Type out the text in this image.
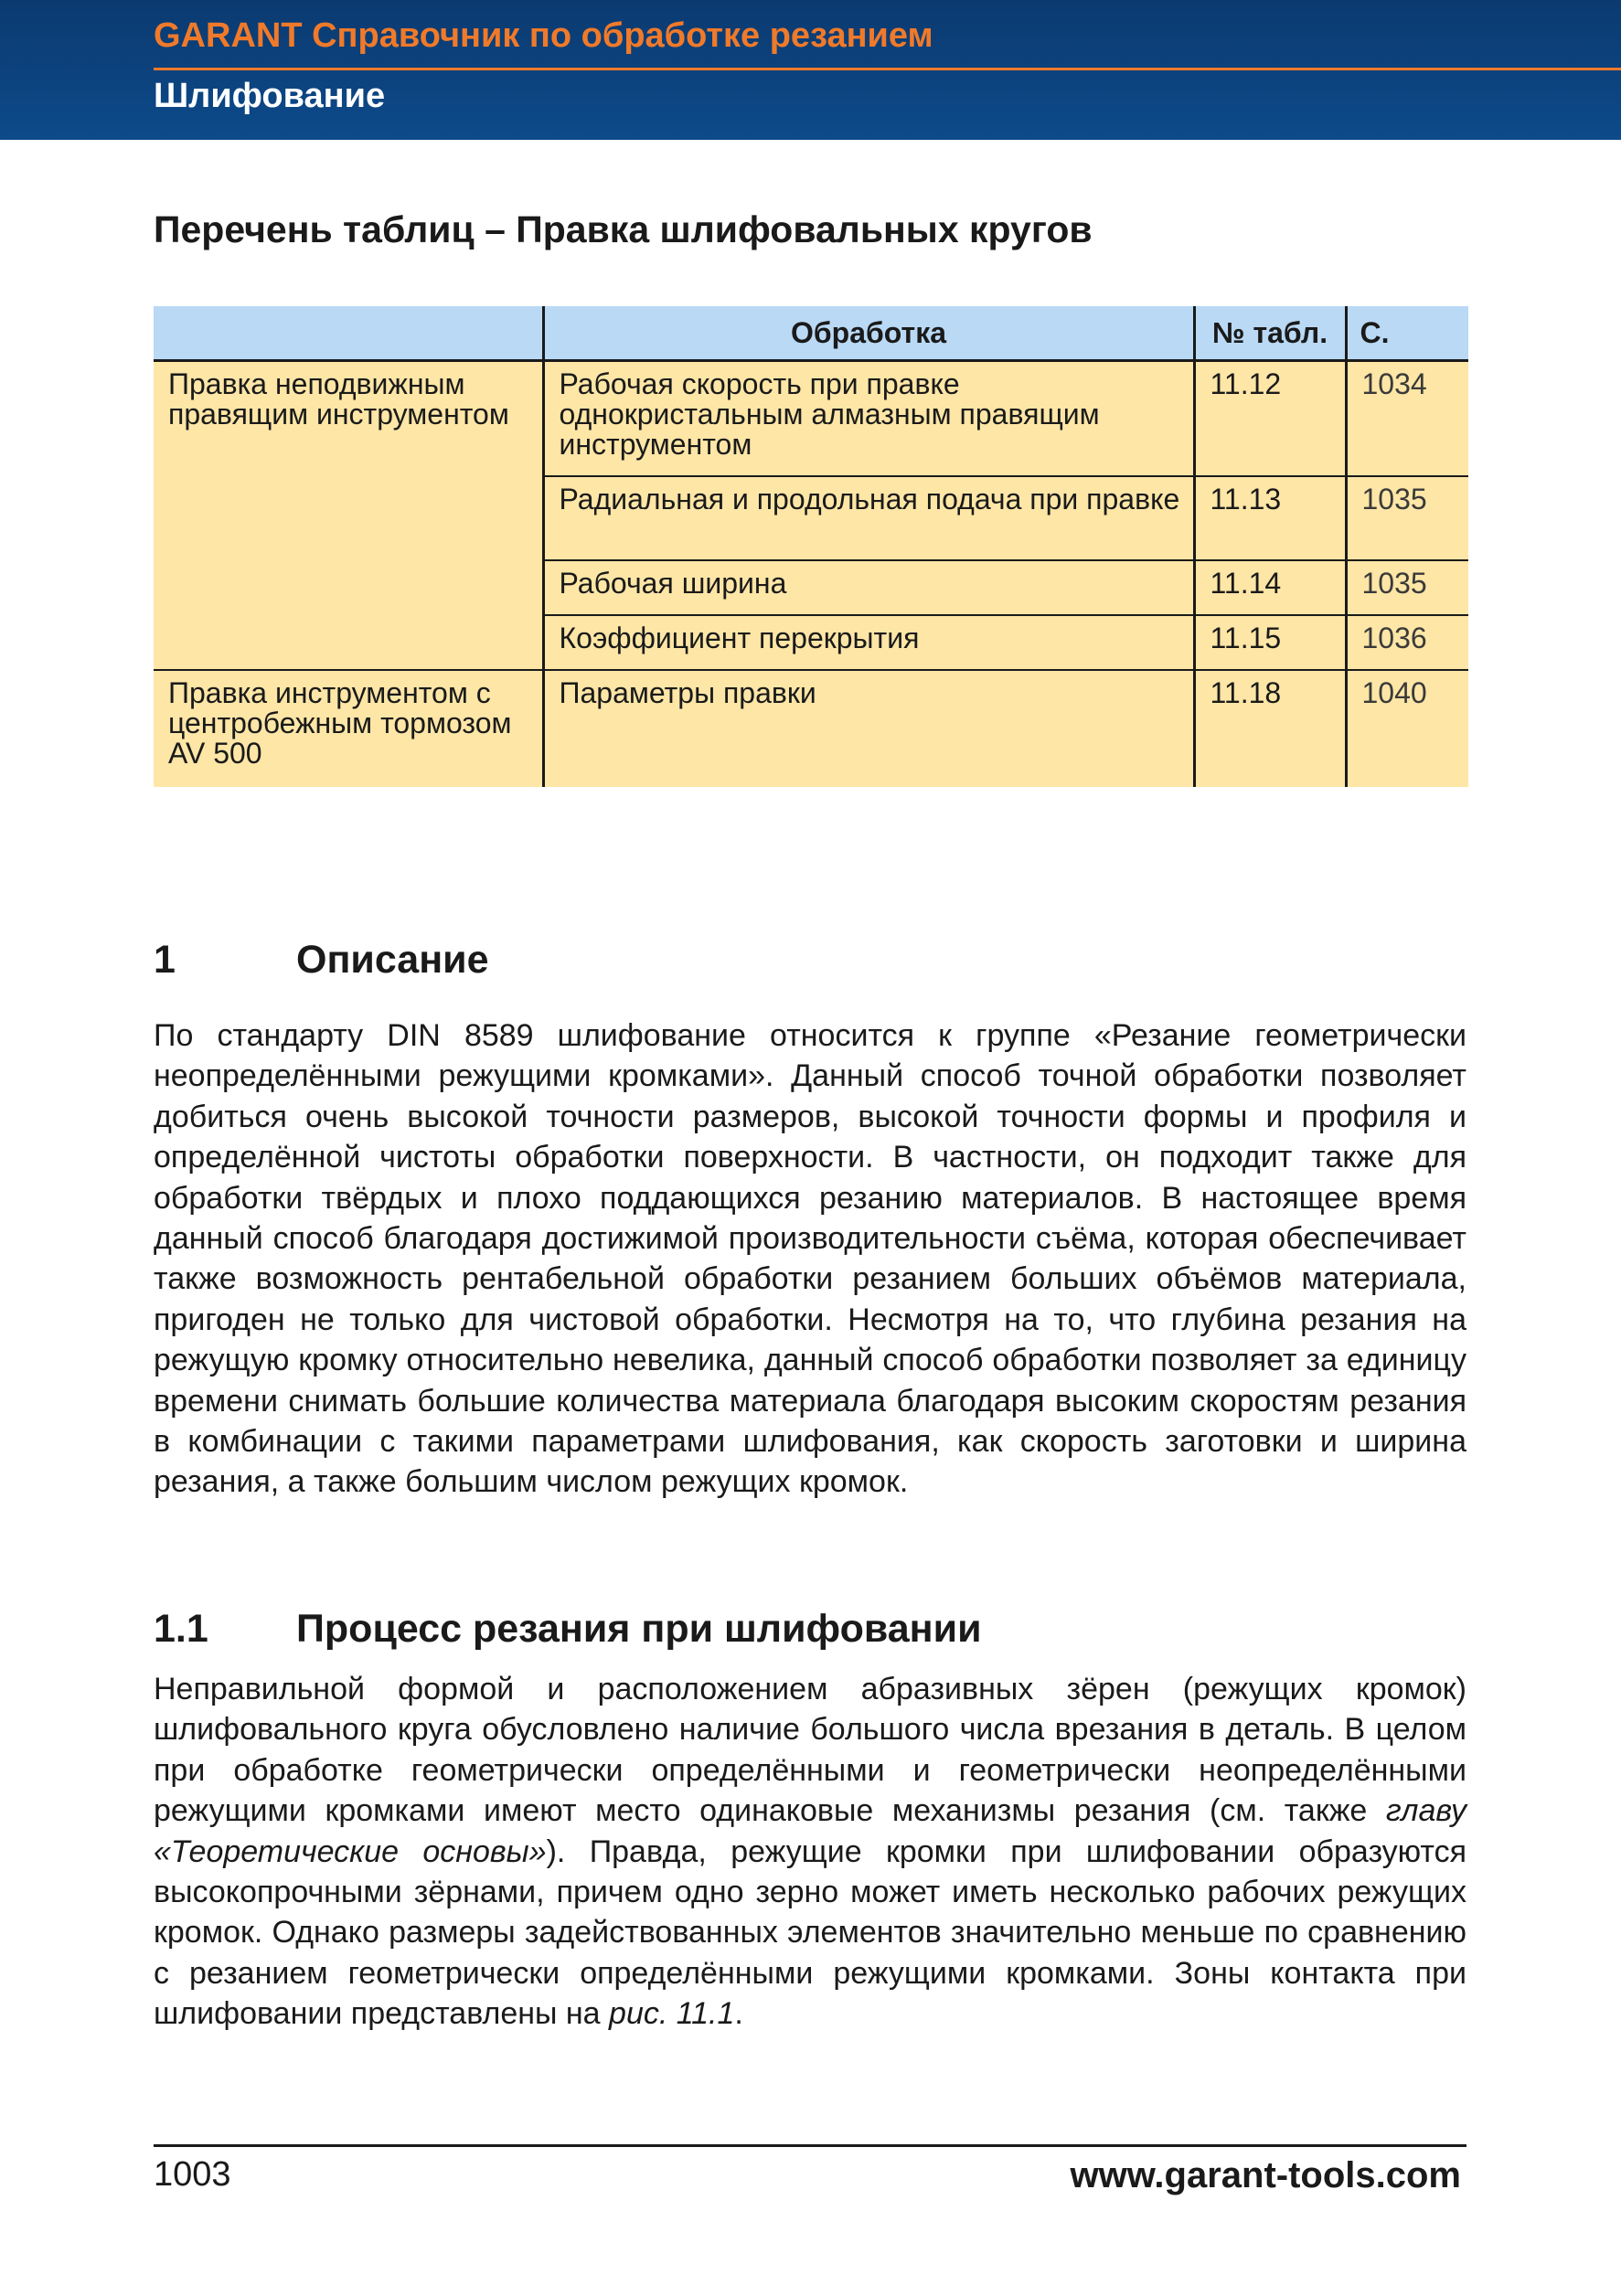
GARANT Справочник по обработке резанием
Шлифование
Перечень таблиц – Правка шлифовальных кругов
	Обработка	№ табл.	С.
Правка неподвижным правящим инструментом	Рабочая скорость при правке однокристальным алмазным правящим инструментом	11.12	1034
	Радиальная и продольная подача при правке	11.13	1035
	Рабочая ширина	11.14	1035
	Коэффициент перекрытия	11.15	1036
Правка инструментом с центробежным тормозом AV 500	Параметры правки	11.18	1040
1	Описание

По стандарту DIN 8589 шлифование относится к группе «Резание геометрически неопределёнными режущими кромками». Данный способ точной обработки позволяет добиться очень высокой точности размеров, высокой точности формы и профиля и определённой чистоты обработки поверхности. В частности, он подходит также для обработки твёрдых и плохо поддающихся резанию материалов. В настоящее время данный способ благодаря достижимой производительности съёма, которая обеспечивает также возможность рентабельной обработки резанием больших объёмов материала, пригоден не только для чистовой обработки. Несмотря на то, что глубина резания на режущую кромку относительно невелика, данный способ обработки позволяет за единицу времени снимать большие количества материала благодаря высоким скоростям резания в комбинации с такими параметрами шлифования, как скорость заготовки и ширина резания, а также большим числом режущих кромок.

1.1 Процесс резания при шлифовании

Неправильной формой и расположением абразивных зёрен (режущих кромок) шлифовального круга обусловлено наличие большого числа врезания в деталь. В целом при обработке геометрически определёнными и геометрически неопределёнными режущими кромками имеют место одинаковые механизмы резания (см. также главу «Теоретические основы»). Правда, режущие кромки при шлифовании образуются высокопрочными зёрнами, причем одно зерно может иметь несколько рабочих режущих кромок. Однако размеры задействованных элементов значительно меньше по сравнению с резанием геометрически определёнными режущими кромками. Зоны контакта при шлифовании представлены на рис. 11.1.

1003	www.garant-tools.com
